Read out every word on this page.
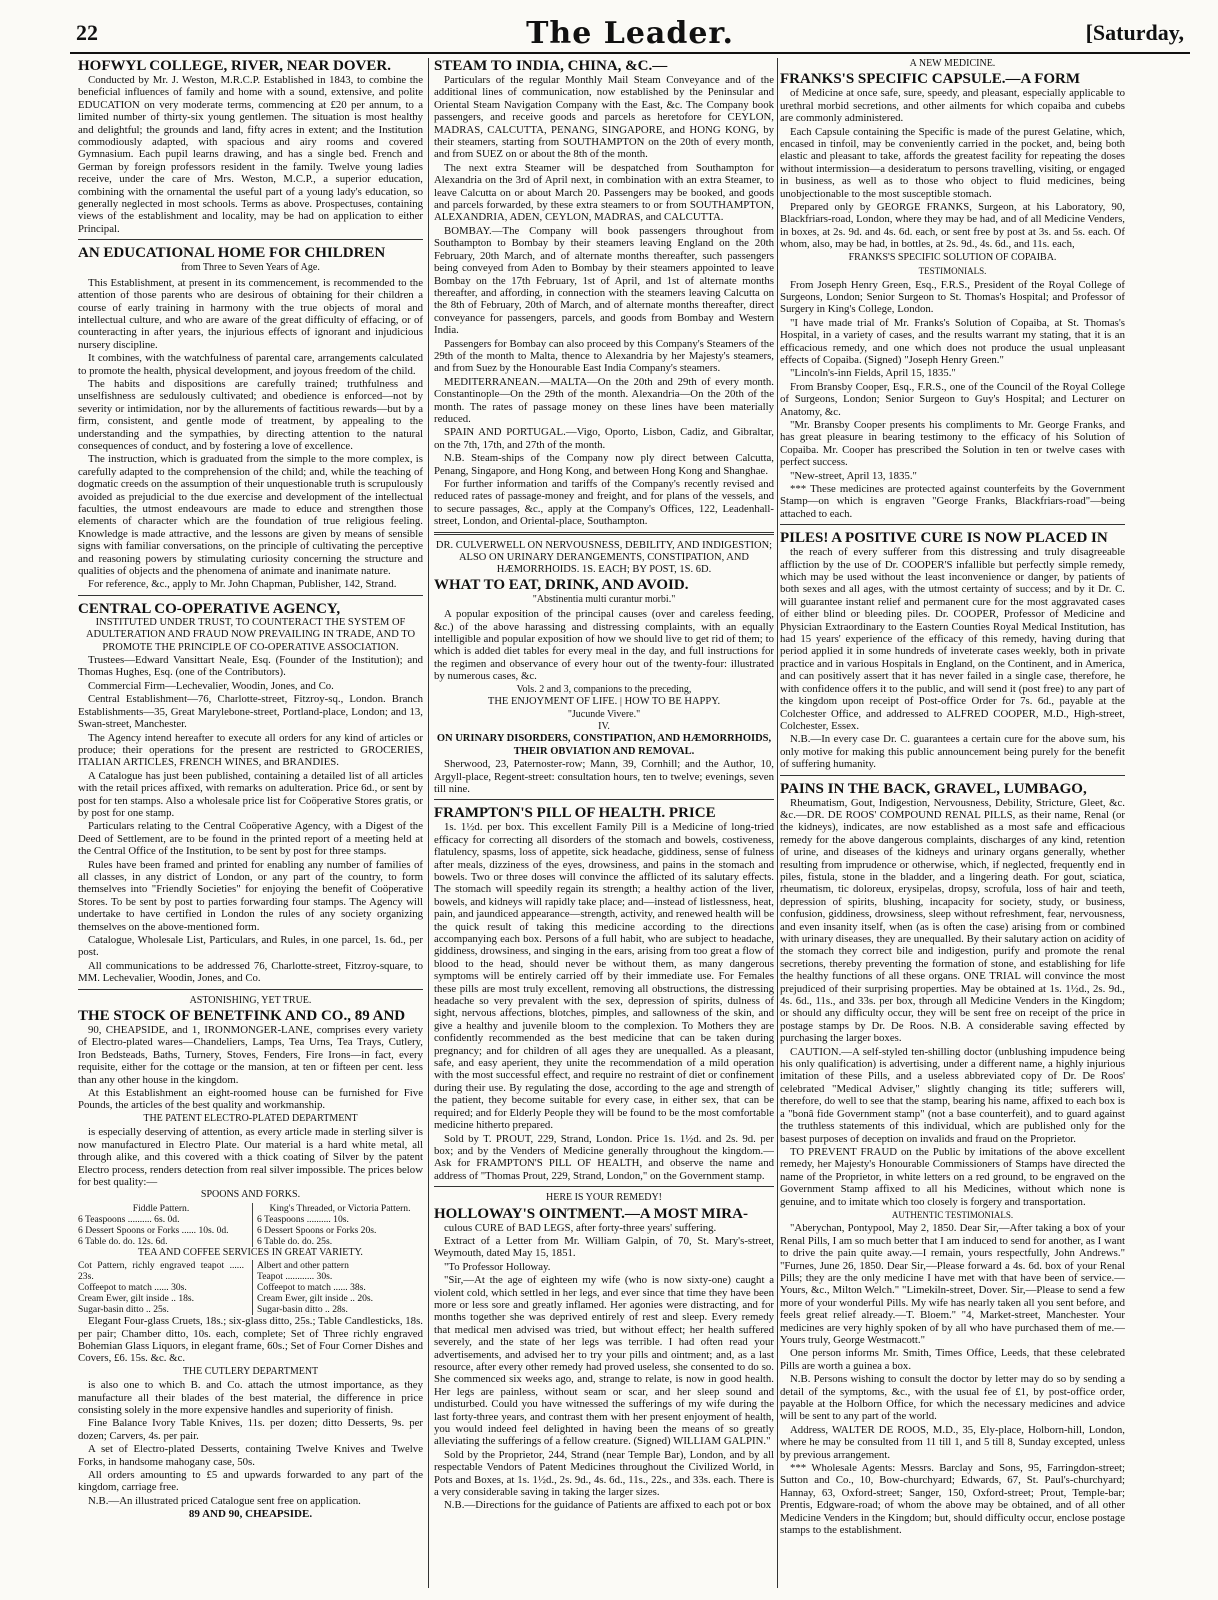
22	The Leader.	[Saturday,
HOFWYL COLLEGE, RIVER, NEAR DOVER.

Conducted by Mr. J. Weston, M.R.C.P. Established in 1843, to combine the beneficial influences of family and home with a sound, extensive, and polite EDUCATION on very moderate terms, commencing at £20 per annum, to a limited number of thirty-six young gentlemen. The situation is most healthy and delightful; the grounds and land, fifty acres in extent; and the Institution commodiously adapted, with spacious and airy rooms and covered Gymnasium. Each pupil learns drawing, and has a single bed. French and German by foreign professors resident in the family. Twelve young ladies receive, under the care of Mrs. Weston, M.C.P., a superior education, combining with the ornamental the useful part of a young lady's education, so generally neglected in most schools. Terms as above. Prospectuses, containing views of the establishment and locality, may be had on application to either Principal.

AN EDUCATIONAL HOME FOR CHILDREN
from Three to Seven Years of Age.

This Establishment, at present in its commencement, is recommended to the attention of those parents who are desirous of obtaining for their children a course of early training in harmony with the true objects of moral and intellectual culture, and who are aware of the great difficulty of effacing, or of counteracting in after years, the injurious effects of ignorant and injudicious nursery discipline.

It combines, with the watchfulness of parental care, arrangements calculated to promote the health, physical development, and joyous freedom of the child.

The habits and dispositions are carefully trained; truthfulness and unselfishness are sedulously cultivated; and obedience is enforced—not by severity or intimidation, nor by the allurements of factitious rewards—but by a firm, consistent, and gentle mode of treatment, by appealing to the understanding and the sympathies, by directing attention to the natural consequences of conduct, and by fostering a love of excellence.

The instruction, which is graduated from the simple to the more complex, is carefully adapted to the comprehension of the child; and, while the teaching of dogmatic creeds on the assumption of their unquestionable truth is scrupulously avoided as prejudicial to the due exercise and development of the intellectual faculties, the utmost endeavours are made to educe and strengthen those elements of character which are the foundation of true religious feeling. Knowledge is made attractive, and the lessons are given by means of sensible signs with familiar conversations, on the principle of cultivating the perceptive and reasoning powers by stimulating curiosity concerning the structure and qualities of objects and the phenomena of animate and inanimate nature.

For reference, &c., apply to Mr. John Chapman, Publisher, 142, Strand.

CENTRAL CO-OPERATIVE AGENCY,
INSTITUTED UNDER TRUST, TO COUNTERACT THE SYSTEM OF ADULTERATION AND FRAUD NOW PREVAILING IN TRADE, AND TO PROMOTE THE PRINCIPLE OF CO-OPERATIVE ASSOCIATION.

Trustees—Edward Vansittart Neale, Esq. (Founder of the Institution); and Thomas Hughes, Esq. (one of the Contributors).

Commercial Firm—Lechevalier, Woodin, Jones, and Co.

Central Establishment—76, Charlotte-street, Fitzroy-sq., London. Branch Establishments—35, Great Marylebone-street, Portland-place, London; and 13, Swan-street, Manchester.

The Agency intend hereafter to execute all orders for any kind of articles or produce; their operations for the present are restricted to GROCERIES, ITALIAN ARTICLES, FRENCH WINES, and BRANDIES.

A Catalogue has just been published, containing a detailed list of all articles with the retail prices affixed, with remarks on adulteration. Price 6d., or sent by post for ten stamps. Also a wholesale price list for Coöperative Stores gratis, or by post for one stamp.

Particulars relating to the Central Coöperative Agency, with a Digest of the Deed of Settlement, are to be found in the printed report of a meeting held at the Central Office of the Institution, to be sent by post for three stamps.

Rules have been framed and printed for enabling any number of families of all classes, in any district of London, or any part of the country, to form themselves into "Friendly Societies" for enjoying the benefit of Coöperative Stores. To be sent by post to parties forwarding four stamps. The Agency will undertake to have certified in London the rules of any society organizing themselves on the above-mentioned form.

Catalogue, Wholesale List, Particulars, and Rules, in one parcel, 1s. 6d., per post.

All communications to be addressed 76, Charlotte-street, Fitzroy-square, to MM. Lechevalier, Woodin, Jones, and Co.

ASTONISHING, YET TRUE.
THE STOCK OF BENETFINK AND CO., 89 AND

90, CHEAPSIDE, and 1, IRONMONGER-LANE, comprises every variety of Electro-plated wares—Chandeliers, Lamps, Tea Urns, Tea Trays, Cutlery, Iron Bedsteads, Baths, Turnery, Stoves, Fenders, Fire Irons—in fact, every requisite, either for the cottage or the mansion, at ten or fifteen per cent. less than any other house in the kingdom.

At this Establishment an eight-roomed house can be furnished for Five Pounds, the articles of the best quality and workmanship.

THE PATENT ELECTRO-PLATED DEPARTMENT

is especially deserving of attention, as every article made in sterling silver is now manufactured in Electro Plate. Our material is a hard white metal, all through alike, and this covered with a thick coating of Silver by the patent Electro process, renders detection from real silver impossible. The prices below for best quality:—

SPOONS AND FORKS.
Fiddle Pattern.
6 Teaspoons .......... 6s. 0d.
6 Dessert Spoons or Forks ...... 10s. 0d.
6 Table do. do. 12s. 6d.
King's Threaded, or Victoria Pattern.
6 Teaspoons .......... 10s.
6 Dessert Spoons or Forks 20s.
6 Table do. do. 25s.
TEA AND COFFEE SERVICES IN GREAT VARIETY.
Cot Pattern, richly engraved teapot ...... 23s.
Coffeepot to match ...... 30s.
Cream Ewer, gilt inside .. 18s.
Sugar-basin ditto .. 25s.
Albert and other pattern
Teapot ............ 30s.
Coffeepot to match ...... 38s.
Cream Ewer, gilt inside .. 20s.
Sugar-basin ditto .. 28s.

Elegant Four-glass Cruets, 18s.; six-glass ditto, 25s.; Table Candlesticks, 18s. per pair; Chamber ditto, 10s. each, complete; Set of Three richly engraved Bohemian Glass Liquors, in elegant frame, 60s.; Set of Four Corner Dishes and Covers, £6. 15s. &c. &c.

THE CUTLERY DEPARTMENT

is also one to which B. and Co. attach the utmost importance, as they manufacture all their blades of the best material, the difference in price consisting solely in the more expensive handles and superiority of finish.

Fine Balance Ivory Table Knives, 11s. per dozen; ditto Desserts, 9s. per dozen; Carvers, 4s. per pair.

A set of Electro-plated Desserts, containing Twelve Knives and Twelve Forks, in handsome mahogany case, 50s.

All orders amounting to £5 and upwards forwarded to any part of the kingdom, carriage free.

N.B.—An illustrated priced Catalogue sent free on application.

89 AND 90, CHEAPSIDE.
STEAM TO INDIA, CHINA, &C.—

Particulars of the regular Monthly Mail Steam Conveyance and of the additional lines of communication, now established by the Peninsular and Oriental Steam Navigation Company with the East, &c. The Company book passengers, and receive goods and parcels as heretofore for CEYLON, MADRAS, CALCUTTA, PENANG, SINGAPORE, and HONG KONG, by their steamers, starting from SOUTHAMPTON on the 20th of every month, and from SUEZ on or about the 8th of the month.

The next extra Steamer will be despatched from Southampton for Alexandria on the 3rd of April next, in combination with an extra Steamer, to leave Calcutta on or about March 20. Passengers may be booked, and goods and parcels forwarded, by these extra steamers to or from SOUTHAMPTON, ALEXANDRIA, ADEN, CEYLON, MADRAS, and CALCUTTA.

BOMBAY.—The Company will book passengers throughout from Southampton to Bombay by their steamers leaving England on the 20th February, 20th March, and of alternate months thereafter, such passengers being conveyed from Aden to Bombay by their steamers appointed to leave Bombay on the 17th February, 1st of April, and 1st of alternate months thereafter, and affording, in connection with the steamers leaving Calcutta on the 8th of February, 20th of March, and of alternate months thereafter, direct conveyance for passengers, parcels, and goods from Bombay and Western India.

Passengers for Bombay can also proceed by this Company's Steamers of the 29th of the month to Malta, thence to Alexandria by her Majesty's steamers, and from Suez by the Honourable East India Company's steamers.

MEDITERRANEAN.—MALTA—On the 20th and 29th of every month. Constantinople—On the 29th of the month. Alexandria—On the 20th of the month. The rates of passage money on these lines have been materially reduced.

SPAIN AND PORTUGAL.—Vigo, Oporto, Lisbon, Cadiz, and Gibraltar, on the 7th, 17th, and 27th of the month.

N.B. Steam-ships of the Company now ply direct between Calcutta, Penang, Singapore, and Hong Kong, and between Hong Kong and Shanghae.

For further information and tariffs of the Company's recently revised and reduced rates of passage-money and freight, and for plans of the vessels, and to secure passages, &c., apply at the Company's Offices, 122, Leadenhall-street, London, and Oriental-place, Southampton.

DR. CULVERWELL ON NERVOUSNESS, DEBILITY, AND INDIGESTION; ALSO ON URINARY DERANGEMENTS, CONSTIPATION, AND HÆMORRHOIDS. 1S. EACH; BY POST, 1S. 6D.
WHAT TO EAT, DRINK, AND AVOID.
"Abstinentia multi curantur morbi."

A popular exposition of the principal causes (over and careless feeding, &c.) of the above harassing and distressing complaints, with an equally intelligible and popular exposition of how we should live to get rid of them; to which is added diet tables for every meal in the day, and full instructions for the regimen and observance of every hour out of the twenty-four: illustrated by numerous cases, &c.

Vols. 2 and 3, companions to the preceding,
THE ENJOYMENT OF LIFE. | HOW TO BE HAPPY.
"Jucunde Vivere."
IV.
ON URINARY DISORDERS, CONSTIPATION, AND HÆMORRHOIDS, THEIR OBVIATION AND REMOVAL.

Sherwood, 23, Paternoster-row; Mann, 39, Cornhill; and the Author, 10, Argyll-place, Regent-street: consultation hours, ten to twelve; evenings, seven till nine.

FRAMPTON'S PILL OF HEALTH. PRICE

1s. 1½d. per box. This excellent Family Pill is a Medicine of long-tried efficacy for correcting all disorders of the stomach and bowels, costiveness, flatulency, spasms, loss of appetite, sick headache, giddiness, sense of fulness after meals, dizziness of the eyes, drowsiness, and pains in the stomach and bowels. Two or three doses will convince the afflicted of its salutary effects. The stomach will speedily regain its strength; a healthy action of the liver, bowels, and kidneys will rapidly take place; and—instead of listlessness, heat, pain, and jaundiced appearance—strength, activity, and renewed health will be the quick result of taking this medicine according to the directions accompanying each box. Persons of a full habit, who are subject to headache, giddiness, drowsiness, and singing in the ears, arising from too great a flow of blood to the head, should never be without them, as many dangerous symptoms will be entirely carried off by their immediate use. For Females these pills are most truly excellent, removing all obstructions, the distressing headache so very prevalent with the sex, depression of spirits, dulness of sight, nervous affections, blotches, pimples, and sallowness of the skin, and give a healthy and juvenile bloom to the complexion. To Mothers they are confidently recommended as the best medicine that can be taken during pregnancy; and for children of all ages they are unequalled. As a pleasant, safe, and easy aperient, they unite the recommendation of a mild operation with the most successful effect, and require no restraint of diet or confinement during their use. By regulating the dose, according to the age and strength of the patient, they become suitable for every case, in either sex, that can be required; and for Elderly People they will be found to be the most comfortable medicine hitherto prepared.

Sold by T. PROUT, 229, Strand, London. Price 1s. 1½d. and 2s. 9d. per box; and by the Venders of Medicine generally throughout the kingdom.—Ask for FRAMPTON'S PILL OF HEALTH, and observe the name and address of "Thomas Prout, 229, Strand, London," on the Government stamp.

HERE IS YOUR REMEDY!
HOLLOWAY'S OINTMENT.—A MOST MIRA-

culous CURE of BAD LEGS, after forty-three years' suffering.

Extract of a Letter from Mr. William Galpin, of 70, St. Mary's-street, Weymouth, dated May 15, 1851.

"To Professor Holloway.

"Sir,—At the age of eighteen my wife (who is now sixty-one) caught a violent cold, which settled in her legs, and ever since that time they have been more or less sore and greatly inflamed. Her agonies were distracting, and for months together she was deprived entirely of rest and sleep. Every remedy that medical men advised was tried, but without effect; her health suffered severely, and the state of her legs was terrible. I had often read your advertisements, and advised her to try your pills and ointment; and, as a last resource, after every other remedy had proved useless, she consented to do so. She commenced six weeks ago, and, strange to relate, is now in good health. Her legs are painless, without seam or scar, and her sleep sound and undisturbed. Could you have witnessed the sufferings of my wife during the last forty-three years, and contrast them with her present enjoyment of health, you would indeed feel delighted in having been the means of so greatly alleviating the sufferings of a fellow creature. (Signed) WILLIAM GALPIN."

Sold by the Proprietor, 244, Strand (near Temple Bar), London, and by all respectable Vendors of Patent Medicines throughout the Civilized World, in Pots and Boxes, at 1s. 1½d., 2s. 9d., 4s. 6d., 11s., 22s., and 33s. each. There is a very considerable saving in taking the larger sizes.

N.B.—Directions for the guidance of Patients are affixed to each pot or box

A NEW MEDICINE.
FRANKS'S SPECIFIC CAPSULE.—A FORM

of Medicine at once safe, sure, speedy, and pleasant, especially applicable to urethral morbid secretions, and other ailments for which copaiba and cubebs are commonly administered.

Each Capsule containing the Specific is made of the purest Gelatine, which, encased in tinfoil, may be conveniently carried in the pocket, and, being both elastic and pleasant to take, affords the greatest facility for repeating the doses without intermission—a desideratum to persons travelling, visiting, or engaged in business, as well as to those who object to fluid medicines, being unobjectionable to the most susceptible stomach.

Prepared only by GEORGE FRANKS, Surgeon, at his Laboratory, 90, Blackfriars-road, London, where they may be had, and of all Medicine Venders, in boxes, at 2s. 9d. and 4s. 6d. each, or sent free by post at 3s. and 5s. each. Of whom, also, may be had, in bottles, at 2s. 9d., 4s. 6d., and 11s. each,

FRANKS'S SPECIFIC SOLUTION OF COPAIBA.
TESTIMONIALS.

From Joseph Henry Green, Esq., F.R.S., President of the Royal College of Surgeons, London; Senior Surgeon to St. Thomas's Hospital; and Professor of Surgery in King's College, London.

"I have made trial of Mr. Franks's Solution of Copaiba, at St. Thomas's Hospital, in a variety of cases, and the results warrant my stating, that it is an efficacious remedy, and one which does not produce the usual unpleasant effects of Copaiba. (Signed) "Joseph Henry Green."

"Lincoln's-inn Fields, April 15, 1835."

From Bransby Cooper, Esq., F.R.S., one of the Council of the Royal College of Surgeons, London; Senior Surgeon to Guy's Hospital; and Lecturer on Anatomy, &c.

"Mr. Bransby Cooper presents his compliments to Mr. George Franks, and has great pleasure in bearing testimony to the efficacy of his Solution of Copaiba. Mr. Cooper has prescribed the Solution in ten or twelve cases with perfect success.

"New-street, April 13, 1835."

*** These medicines are protected against counterfeits by the Government Stamp—on which is engraven "George Franks, Blackfriars-road"—being attached to each.

PILES! A POSITIVE CURE IS NOW PLACED IN

the reach of every sufferer from this distressing and truly disagreeable affliction by the use of Dr. COOPER'S infallible but perfectly simple remedy, which may be used without the least inconvenience or danger, by patients of both sexes and all ages, with the utmost certainty of success; and by it Dr. C. will guarantee instant relief and permanent cure for the most aggravated cases of either blind or bleeding piles. Dr. COOPER, Professor of Medicine and Physician Extraordinary to the Eastern Counties Royal Medical Institution, has had 15 years' experience of the efficacy of this remedy, having during that period applied it in some hundreds of inveterate cases weekly, both in private practice and in various Hospitals in England, on the Continent, and in America, and can positively assert that it has never failed in a single case, therefore, he with confidence offers it to the public, and will send it (post free) to any part of the kingdom upon receipt of Post-office Order for 7s. 6d., payable at the Colchester Office, and addressed to ALFRED COOPER, M.D., High-street, Colchester, Essex.

N.B.—In every case Dr. C. guarantees a certain cure for the above sum, his only motive for making this public announcement being purely for the benefit of suffering humanity.

PAINS IN THE BACK, GRAVEL, LUMBAGO,

Rheumatism, Gout, Indigestion, Nervousness, Debility, Stricture, Gleet, &c. &c.—DR. DE ROOS' COMPOUND RENAL PILLS, as their name, Renal (or the kidneys), indicates, are now established as a most safe and efficacious remedy for the above dangerous complaints, discharges of any kind, retention of urine, and diseases of the kidneys and urinary organs generally, whether resulting from imprudence or otherwise, which, if neglected, frequently end in piles, fistula, stone in the bladder, and a lingering death. For gout, sciatica, rheumatism, tic doloreux, erysipelas, dropsy, scrofula, loss of hair and teeth, depression of spirits, blushing, incapacity for society, study, or business, confusion, giddiness, drowsiness, sleep without refreshment, fear, nervousness, and even insanity itself, when (as is often the case) arising from or combined with urinary diseases, they are unequalled. By their salutary action on acidity of the stomach they correct bile and indigestion, purify and promote the renal secretions, thereby preventing the formation of stone, and establishing for life the healthy functions of all these organs. ONE TRIAL will convince the most prejudiced of their surprising properties. May be obtained at 1s. 1½d., 2s. 9d., 4s. 6d., 11s., and 33s. per box, through all Medicine Venders in the Kingdom; or should any difficulty occur, they will be sent free on receipt of the price in postage stamps by Dr. De Roos. N.B. A considerable saving effected by purchasing the larger boxes.

CAUTION.—A self-styled ten-shilling doctor (unblushing impudence being his only qualification) is advertising, under a different name, a highly injurious imitation of these Pills, and a useless abbreviated copy of Dr. De Roos' celebrated "Medical Adviser," slightly changing its title; sufferers will, therefore, do well to see that the stamp, bearing his name, affixed to each box is a "bonâ fide Government stamp" (not a base counterfeit), and to guard against the truthless statements of this individual, which are published only for the basest purposes of deception on invalids and fraud on the Proprietor.

TO PREVENT FRAUD on the Public by imitations of the above excellent remedy, her Majesty's Honourable Commissioners of Stamps have directed the name of the Proprietor, in white letters on a red ground, to be engraved on the Government Stamp affixed to all his Medicines, without which none is genuine, and to imitate which too closely is forgery and transportation.

AUTHENTIC TESTIMONIALS.

"Aberychan, Pontypool, May 2, 1850. Dear Sir,—After taking a box of your Renal Pills, I am so much better that I am induced to send for another, as I want to drive the pain quite away.—I remain, yours respectfully, John Andrews." "Furnes, June 26, 1850. Dear Sir,—Please forward a 4s. 6d. box of your Renal Pills; they are the only medicine I have met with that have been of service.—Yours, &c., Milton Welch." "Limekiln-street, Dover. Sir,—Please to send a few more of your wonderful Pills. My wife has nearly taken all you sent before, and feels great relief already.—T. Bloem." "4, Market-street, Manchester. Your medicines are very highly spoken of by all who have purchased them of me.—Yours truly, George Westmacott."

One person informs Mr. Smith, Times Office, Leeds, that these celebrated Pills are worth a guinea a box.

N.B. Persons wishing to consult the doctor by letter may do so by sending a detail of the symptoms, &c., with the usual fee of £1, by post-office order, payable at the Holborn Office, for which the necessary medicines and advice will be sent to any part of the world.

Address, WALTER DE ROOS, M.D., 35, Ely-place, Holborn-hill, London, where he may be consulted from 11 till 1, and 5 till 8, Sunday excepted, unless by previous arrangement.

*** Wholesale Agents: Messrs. Barclay and Sons, 95, Farringdon-street; Sutton and Co., 10, Bow-churchyard; Edwards, 67, St. Paul's-churchyard; Hannay, 63, Oxford-street; Sanger, 150, Oxford-street; Prout, Temple-bar; Prentis, Edgware-road; of whom the above may be obtained, and of all other Medicine Venders in the Kingdom; but, should difficulty occur, enclose postage stamps to the establishment.
